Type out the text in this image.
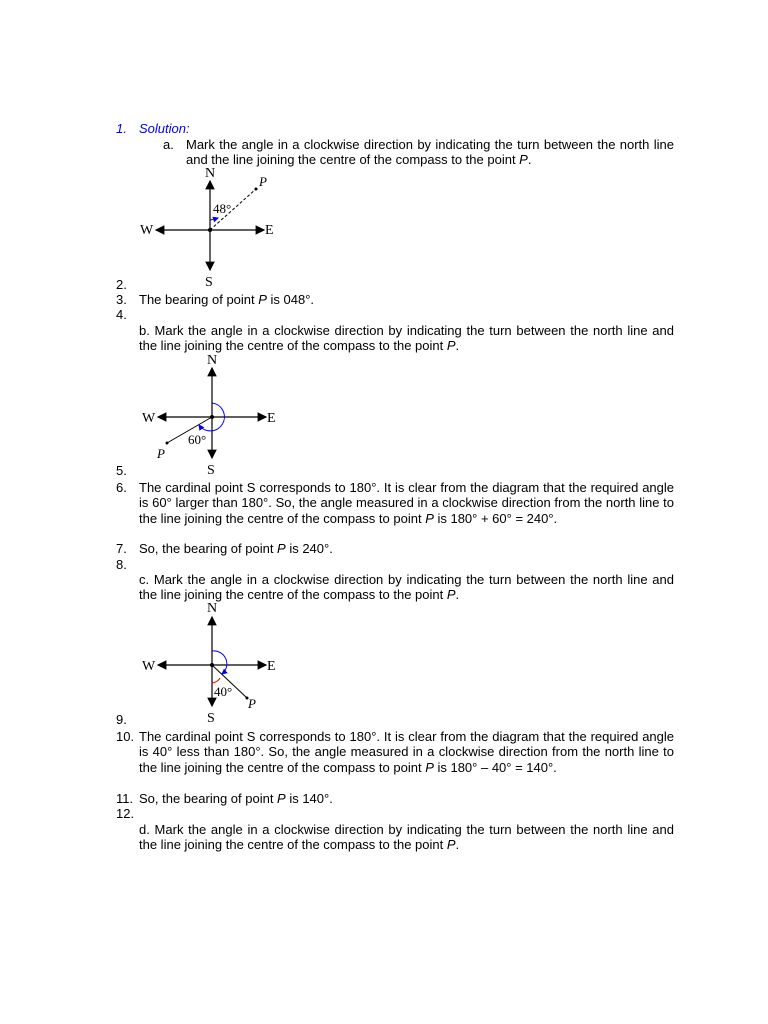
1. Solution:
a. Mark the angle in a clockwise direction by indicating the turn between the north line and the line joining the centre of the compass to the point P.
N
S
E
W
P
48°
2.
3. The bearing of point P is 048°.
4.
b. Mark the angle in a clockwise direction by indicating the turn between the north line and the line joining the centre of the compass to the point P.
N
S
E
W
P
60°
5.
6. The cardinal point S corresponds to 180°. It is clear from the diagram that the required angle is 60° larger than 180°. So, the angle measured in a clockwise direction from the north line to the line joining the centre of the compass to point P is 180° + 60° = 240°.
7. So, the bearing of point P is 240°.
8.
c. Mark the angle in a clockwise direction by indicating the turn between the north line and the line joining the centre of the compass to the point P.
N
S
E
W
P
40°
9.
10. The cardinal point S corresponds to 180°. It is clear from the diagram that the required angle is 40° less than 180°. So, the angle measured in a clockwise direction from the north line to the line joining the centre of the compass to point P is 180° – 40° = 140°.
11. So, the bearing of point P is 140°.
12.
d. Mark the angle in a clockwise direction by indicating the turn between the north line and the line joining the centre of the compass to the point P.
